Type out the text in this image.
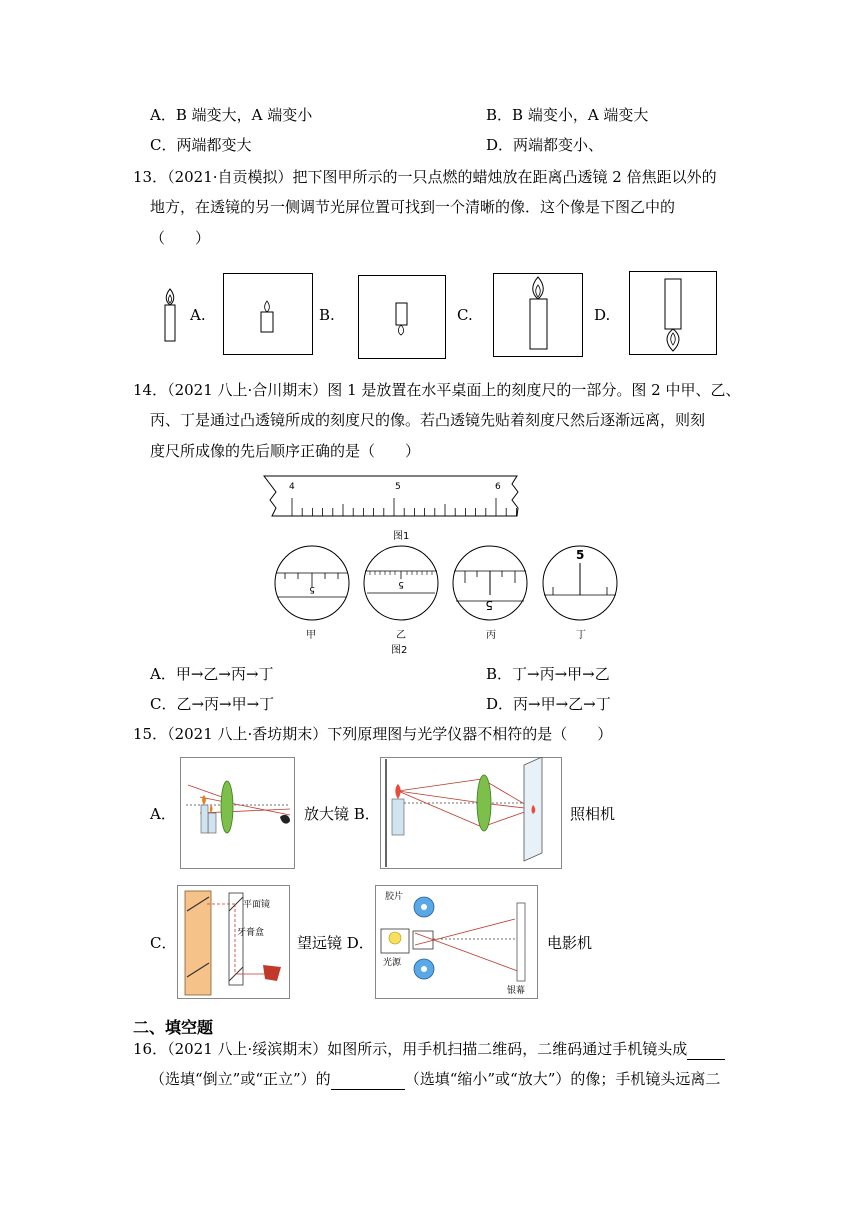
A．B 端变大，A 端变小	B．B 端变小，A 端变大
C．两端都变大	D．两端都变小、
13．（2021·自贡模拟）把下图甲所示的一只点燃的蜡烛放在距离凸透镜 2 倍焦距以外的
地方，在透镜的另一侧调节光屏位置可找到一个清晰的像．这个像是下图乙中的
（　　）
A.	B.	C.	D.
14．（2021 八上·合川期末）图 1 是放置在水平桌面上的刻度尺的一部分。图 2 中甲、乙、
丙、丁是通过凸透镜所成的刻度尺的像。若凸透镜先贴着刻度尺然后逐渐远离，则刻
度尺所成像的先后顺序正确的是（　　）
4	5	6
图1
5	5
5
5
甲	乙	丙	丁
图2
A．甲→乙→丙→丁	B．丁→丙→甲→乙
C．乙→丙→甲→丁	D．丙→甲→乙→丁
15．（2021 八上·香坊期末）下列原理图与光学仪器不相符的是（　　）
A．	放大镜 B．	照相机
C．
平面镜
牙膏盒
望远镜 D．
胶片
光源
银幕
电影机
二、填空题
16．（2021 八上·绥滨期末）如图所示，用手机扫描二维码，二维码通过手机镜头成
（选填“倒立”或“正立”）的	（选填“缩小”或“放大”）的像；手机镜头远离二
